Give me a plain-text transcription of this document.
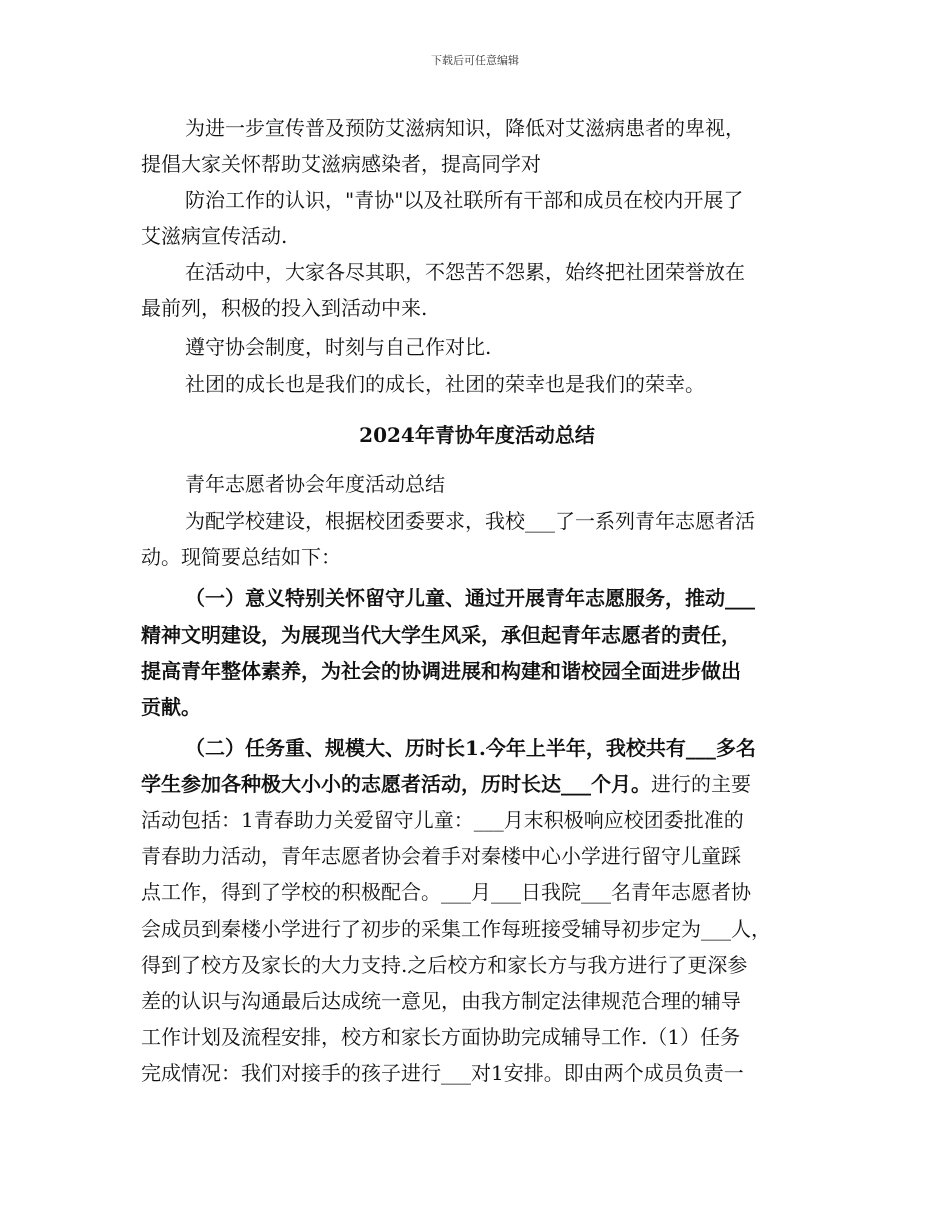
下载后可任意编辑
为进一步宣传普及预防艾滋病知识，降低对艾滋病患者的卑视，
提倡大家关怀帮助艾滋病感染者，提高同学对
防治工作的认识，"青协"以及社联所有干部和成员在校内开展了
艾滋病宣传活动.
在活动中，大家各尽其职，不怨苦不怨累，始终把社团荣誉放在
最前列，积极的投入到活动中来.
遵守协会制度，时刻与自己作对比.
社团的成长也是我们的成长，社团的荣幸也是我们的荣幸。
2024年青协年度活动总结
青年志愿者协会年度活动总结
为配学校建设，根据校团委要求，我校___了一系列青年志愿者活
动。现简要总结如下：
（一）意义特别关怀留守儿童、通过开展青年志愿服务，推动___
精神文明建设，为展现当代大学生风采，承但起青年志愿者的责任，
提高青年整体素养，为社会的协调进展和构建和谐校园全面进步做出
贡献。
（二）任务重、规模大、历时长1.今年上半年，我校共有___多名
学生参加各种极大小小的志愿者活动，历时长达___个月。进行的主要
活动包括：1青春助力关爱留守儿童：___月末积极响应校团委批准的
青春助力活动，青年志愿者协会着手对秦楼中心小学进行留守儿童踩
点工作，得到了学校的积极配合。___月___日我院___名青年志愿者协
会成员到秦楼小学进行了初步的采集工作每班接受辅导初步定为___人，
得到了校方及家长的大力支持.之后校方和家长方与我方进行了更深参
差的认识与沟通最后达成统一意见，由我方制定法律规范合理的辅导
工作计划及流程安排，校方和家长方面协助完成辅导工作.（1）任务
完成情况：我们对接手的孩子进行___对1安排。即由两个成员负责一
